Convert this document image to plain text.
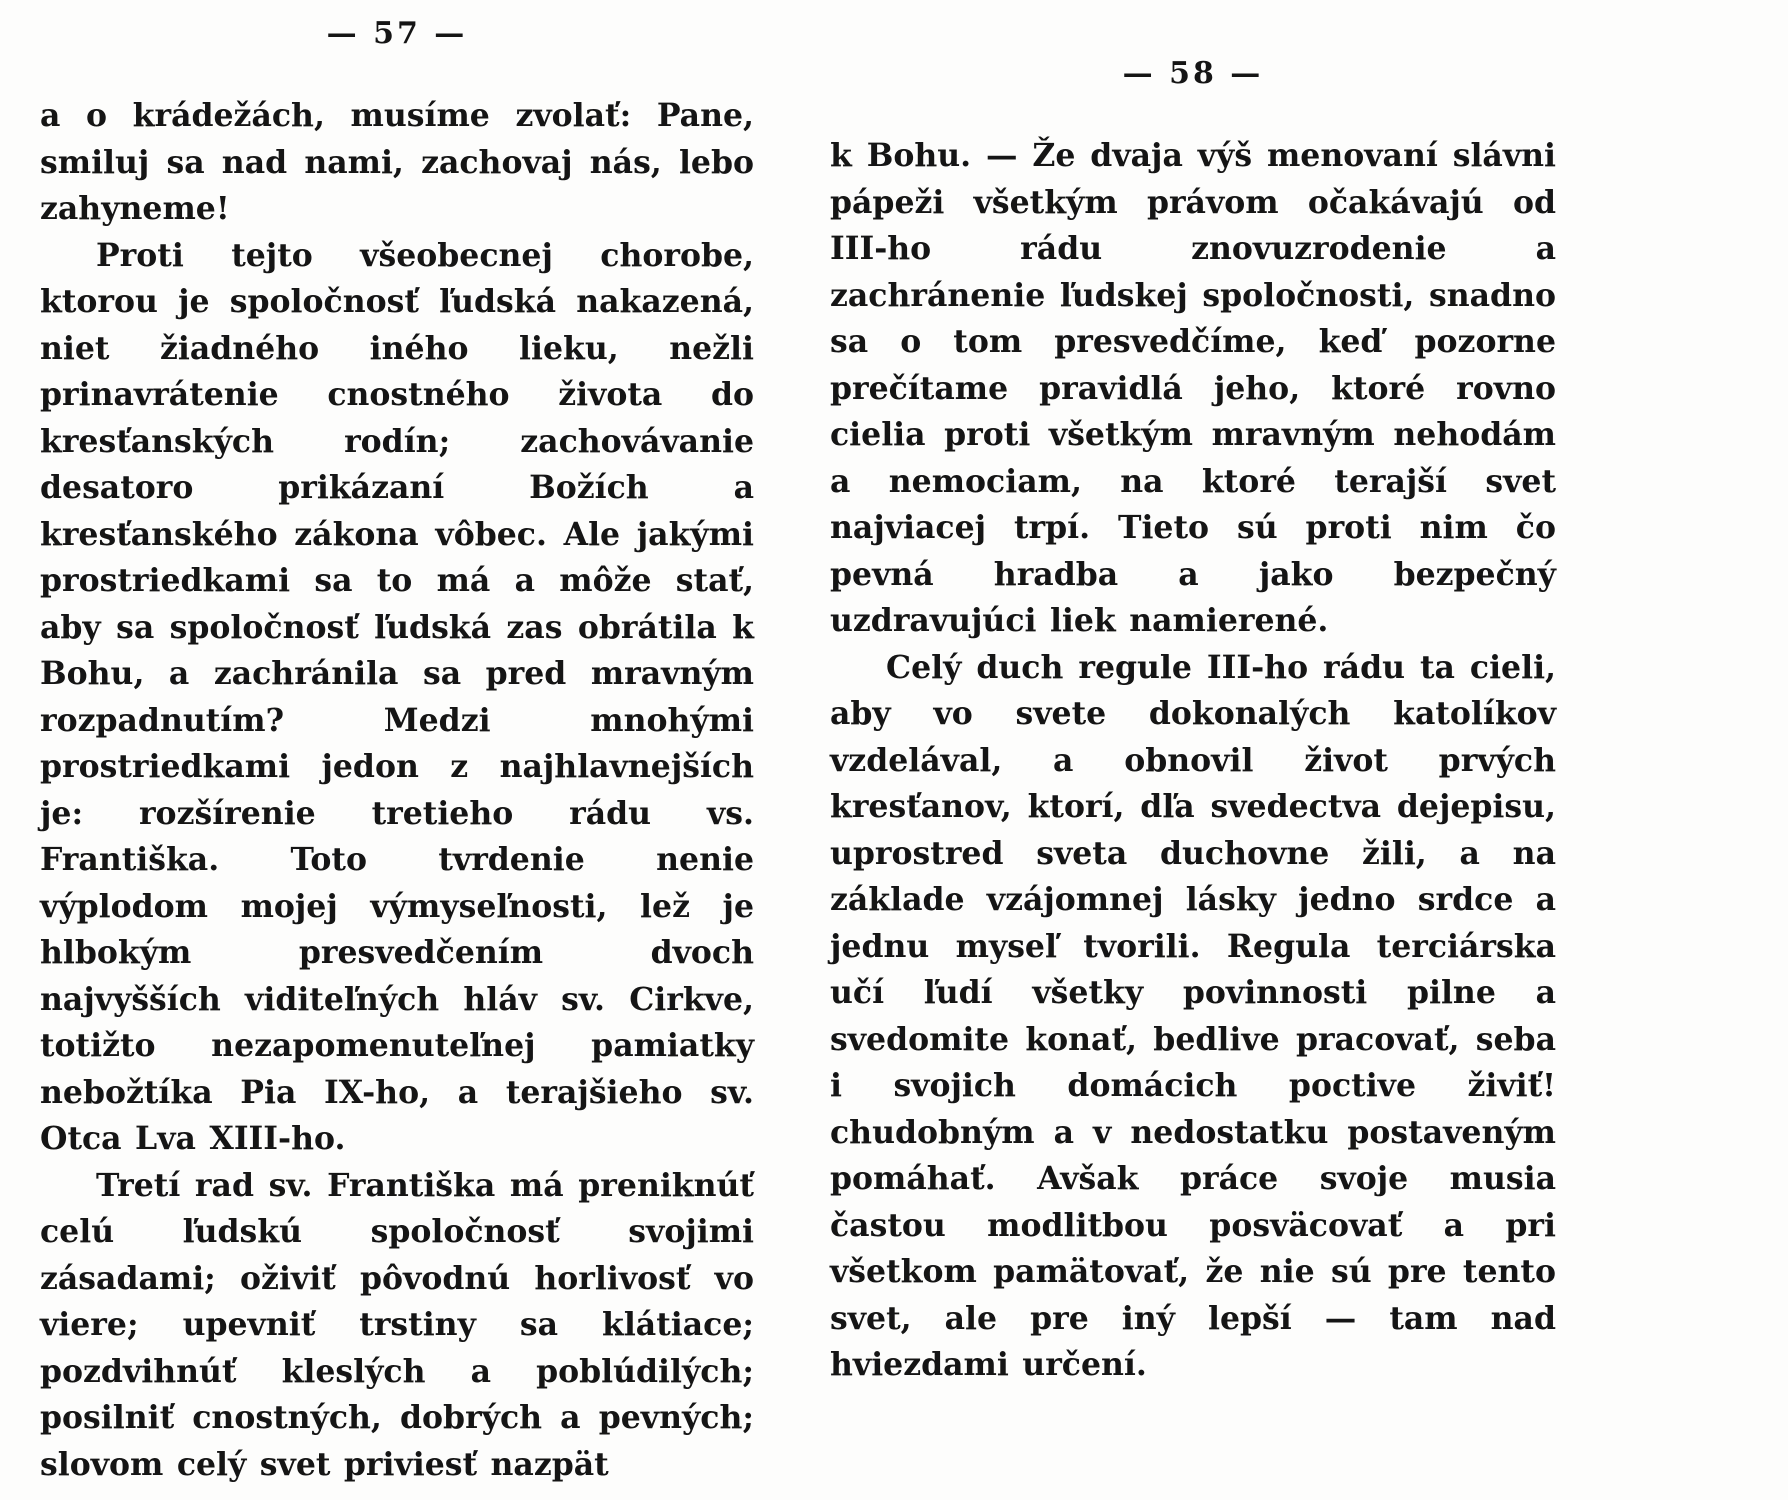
— 57 —

a o krádežách, musíme zvolať: Pane, smiluj sa nad nami, zachovaj nás, lebo zahyneme!

Proti tejto všeobecnej chorobe, ktorou je spoločnosť ľudská nakazená, niet žiadného iného lieku, nežli prinavrátenie cnostného života do kresťanských rodín; zachovávanie desatoro prikázaní Božích a kresťanského zákona vôbec. Ale jakými prostriedkami sa to má a môže stať, aby sa spoločnosť ľudská zas obrátila k Bohu, a zachránila sa pred mravným rozpadnutím? Medzi mnohými prostriedkami jedon z najhlavnejších je: rozšírenie tretieho rádu vs. Františka. Toto tvrdenie nenie výplodom mojej výmyseľnosti, lež je hlbokým presvedčením dvoch najvyšších viditeľných hláv sv. Cirkve, totižto nezapomenuteľnej pamiatky nebožtíka Pia IX-ho, a terajšieho sv. Otca Lva XIII-ho.

Tretí rad sv. Františka má preniknúť celú ľudskú spoločnosť svojimi zásadami; oživiť pôvodnú horlivosť vo viere; upevniť trstiny sa klátiace; pozdvihnúť kleslých a poblúdilých; posilniť cnostných, dobrých a pevných; slovom celý svet priviesť nazpät

— 58 —

k Bohu. — Že dvaja výš menovaní slávni pápeži všetkým právom očakávajú od III-ho rádu znovuzrodenie a zachránenie ľudskej spoločnosti, snadno sa o tom presvedčíme, keď pozorne prečítame pravidlá jeho, ktoré rovno cielia proti všetkým mravným nehodám a nemociam, na ktoré terajší svet najviacej trpí. Tieto sú proti nim čo pevná hradba a jako bezpečný uzdravujúci liek namierené.

Celý duch regule III-ho rádu ta cieli, aby vo svete dokonalých katolíkov vzdelával, a obnovil život prvých kresťanov, ktorí, dľa svedectva dejepisu, uprostred sveta duchovne žili, a na základe vzájomnej lásky jedno srdce a jednu myseľ tvorili. Regula terciárska učí ľudí všetky povinnosti pilne a svedomite konať, bedlive pracovať, seba i svojich domácich poctive živiť! chudobným a v nedostatku postaveným pomáhať. Avšak práce svoje musia častou modlitbou posväcovať a pri všetkom pamätovať, že nie sú pre tento svet, ale pre iný lepší — tam nad hviezdami určení.
